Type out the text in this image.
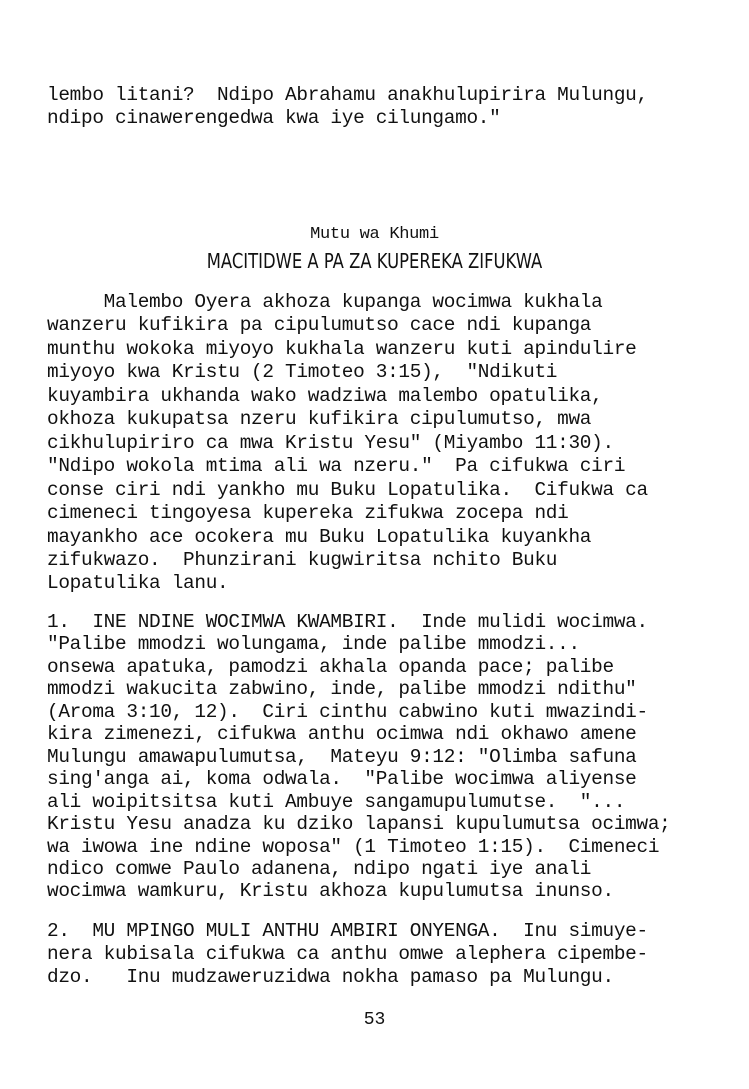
lembo litani?  Ndipo Abrahamu anakhulupirira Mulungu,
ndipo cinawerengedwa kwa iye cilungamo."
Mutu wa Khumi
MACITIDWE A PA ZA KUPEREKA ZIFUKWA
Malembo Oyera akhoza kupanga wocimwa kukhala
wanzeru kufikira pa cipulumutso cace ndi kupanga
munthu wokoka miyoyo kukhala wanzeru kuti apindulire
miyoyo kwa Kristu (2 Timoteo 3:15),  "Ndikuti
kuyambira ukhanda wako wadziwa malembo opatulika,
okhoza kukupatsa nzeru kufikira cipulumutso, mwa
cikhulupiriro ca mwa Kristu Yesu" (Miyambo 11:30).
"Ndipo wokola mtima ali wa nzeru."  Pa cifukwa ciri
conse ciri ndi yankho mu Buku Lopatulika.  Cifukwa ca
cimeneci tingoyesa kupereka zifukwa zocepa ndi
mayankho ace ocokera mu Buku Lopatulika kuyankha
zifukwazo.  Phunzirani kugwiritsa nchito Buku
Lopatulika lanu.
1.  INE NDINE WOCIMWA KWAMBIRI.  Inde mulidi wocimwa.
"Palibe mmodzi wolungama, inde palibe mmodzi...
onsewa apatuka, pamodzi akhala opanda pace; palibe
mmodzi wakucita zabwino, inde, palibe mmodzi ndithu"
(Aroma 3:10, 12).  Ciri cinthu cabwino kuti mwazindi-
kira zimenezi, cifukwa anthu ocimwa ndi okhawo amene
Mulungu amawapulumutsa,  Mateyu 9:12: "Olimba safuna
sing'anga ai, koma odwala.  "Palibe wocimwa aliyense
ali woipitsitsa kuti Ambuye sangamupulumutse.  "...
Kristu Yesu anadza ku dziko lapansi kupulumutsa ocimwa;
wa iwowa ine ndine woposa" (1 Timoteo 1:15).  Cimeneci
ndico comwe Paulo adanena, ndipo ngati iye anali
wocimwa wamkuru, Kristu akhoza kupulumutsa inunso.
2.  MU MPINGO MULI ANTHU AMBIRI ONYENGA.  Inu simuye-
nera kubisala cifukwa ca anthu omwe alephera cipembe-
dzo.   Inu mudzaweruzidwa nokha pamaso pa Mulungu.
53
